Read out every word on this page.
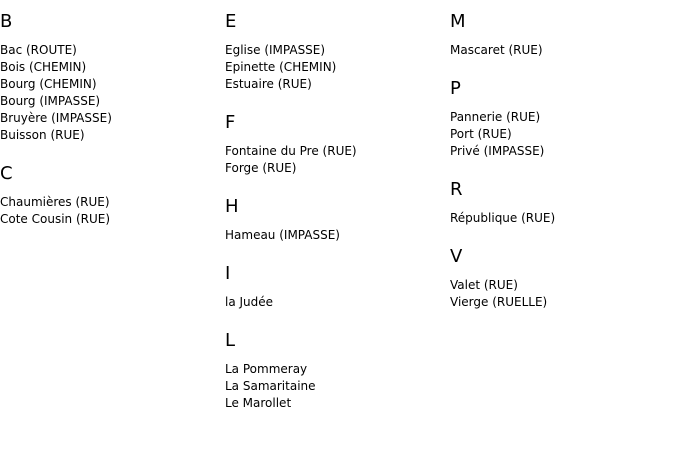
B
Bac (ROUTE)
Bois (CHEMIN)
Bourg (CHEMIN)
Bourg (IMPASSE)
Bruyère (IMPASSE)
Buisson (RUE)
C
Chaumières (RUE)
Cote Cousin (RUE)
E
Eglise (IMPASSE)
Epinette (CHEMIN)
Estuaire (RUE)
F
Fontaine du Pre (RUE)
Forge (RUE)
H
Hameau (IMPASSE)
I
la Judée
L
La Pommeray
La Samaritaine
Le Marollet
M
Mascaret (RUE)
P
Pannerie (RUE)
Port (RUE)
Privé (IMPASSE)
R
République (RUE)
V
Valet (RUE)
Vierge (RUELLE)
